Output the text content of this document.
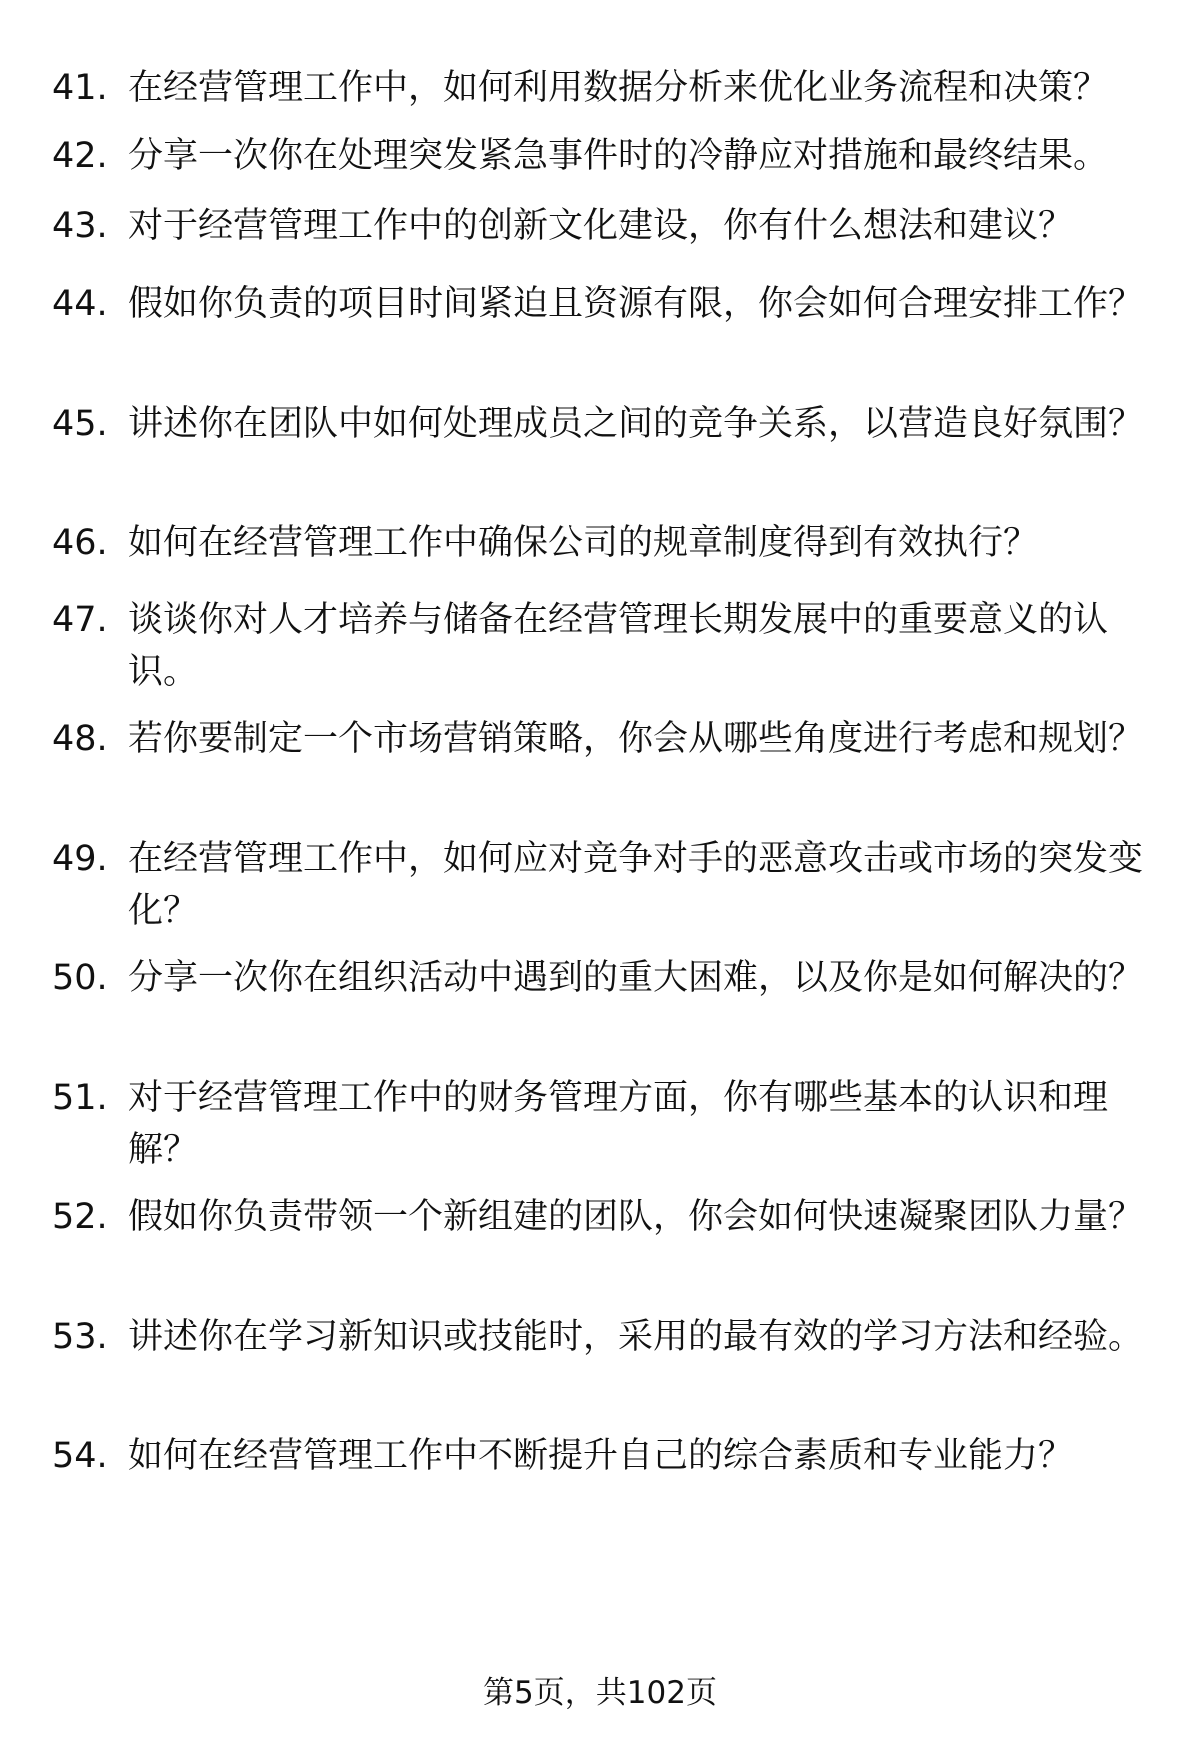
41. 在经营管理工作中，如何利用数据分析来优化业务流程和决策？
42. 分享一次你在处理突发紧急事件时的冷静应对措施和最终结果。
43. 对于经营管理工作中的创新文化建设，你有什么想法和建议？
44. 假如你负责的项目时间紧迫且资源有限，你会如何合理安排工作？
45. 讲述你在团队中如何处理成员之间的竞争关系，以营造良好氛围？
46. 如何在经营管理工作中确保公司的规章制度得到有效执行？
47. 谈谈你对人才培养与储备在经营管理长期发展中的重要意义的认识。
48. 若你要制定一个市场营销策略，你会从哪些角度进行考虑和规划？
49. 在经营管理工作中，如何应对竞争对手的恶意攻击或市场的突发变化？
50. 分享一次你在组织活动中遇到的重大困难，以及你是如何解决的？
51. 对于经营管理工作中的财务管理方面，你有哪些基本的认识和理解？
52. 假如你负责带领一个新组建的团队，你会如何快速凝聚团队力量？
53. 讲述你在学习新知识或技能时，采用的最有效的学习方法和经验。
54. 如何在经营管理工作中不断提升自己的综合素质和专业能力？
第5页，共102页
